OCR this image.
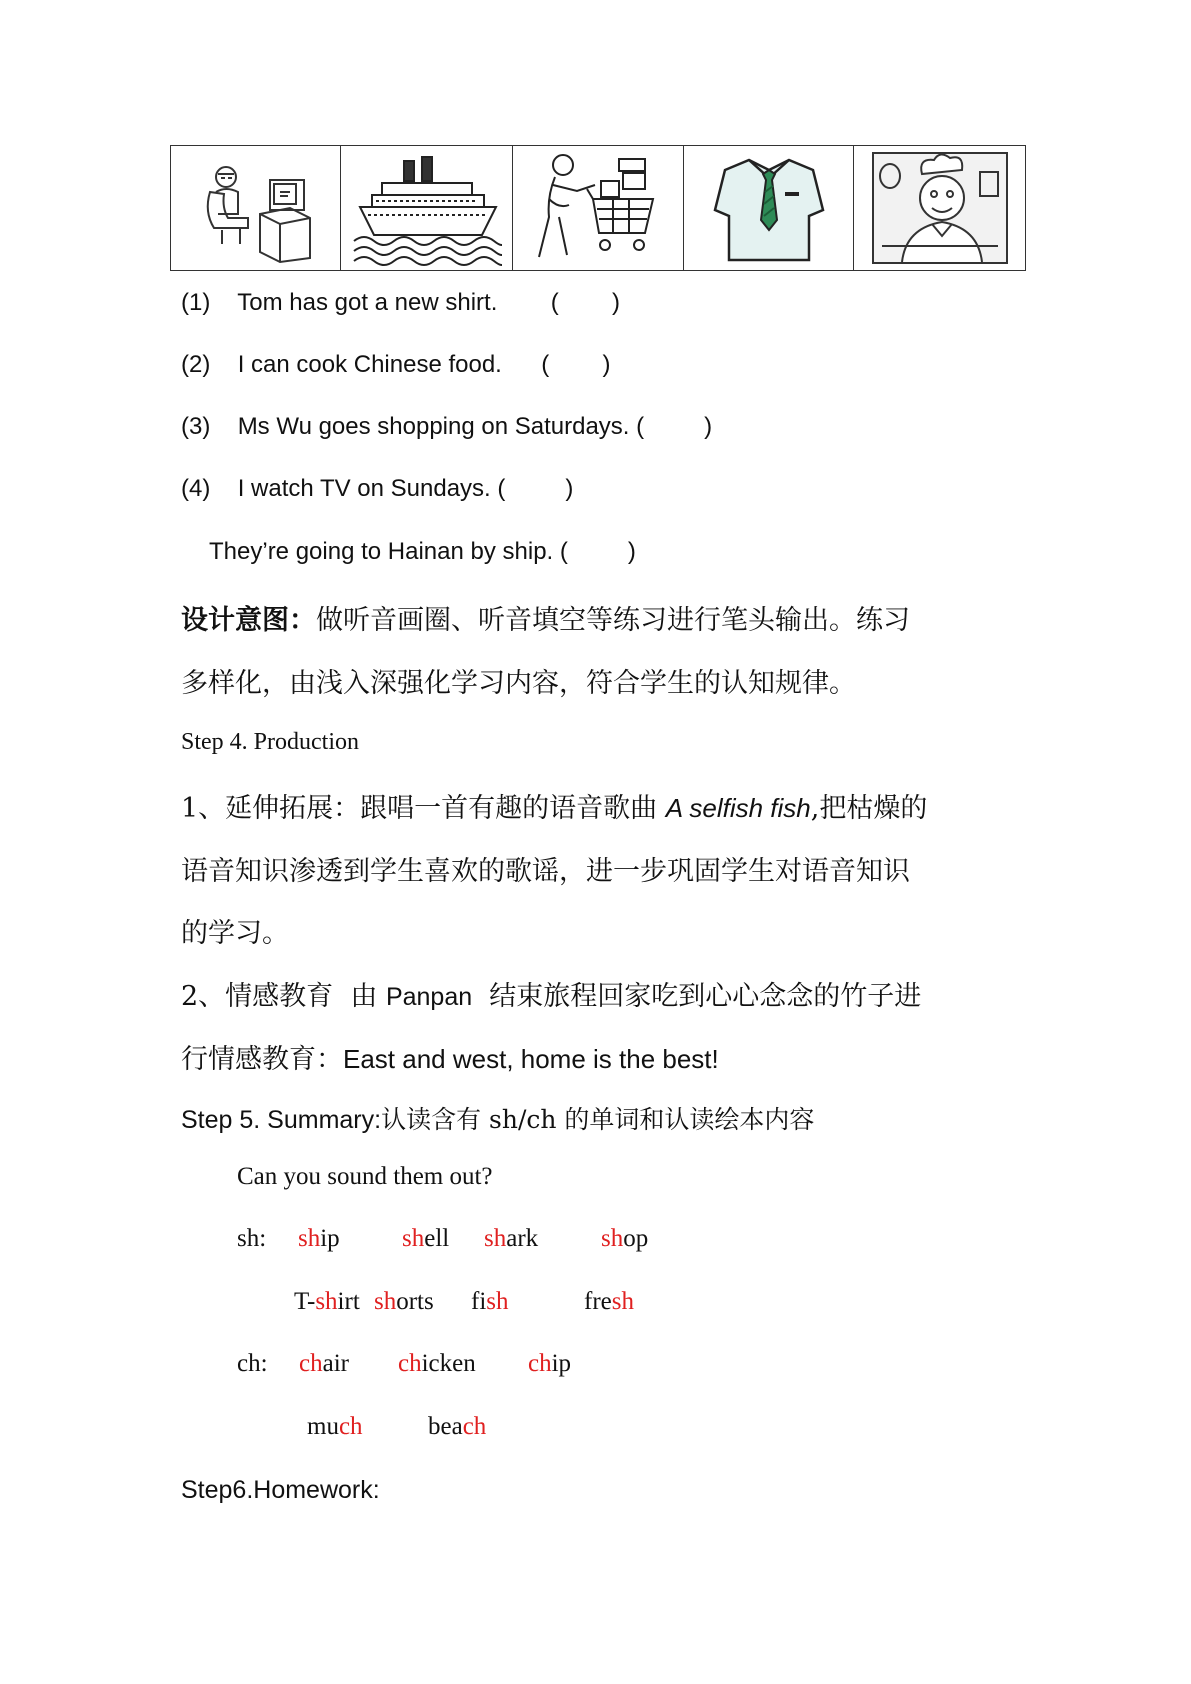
(1) Tom has got a new shirt. (        )
(2) I can cook Chinese food. (        )
(3) Ms Wu goes shopping on Saturdays. (         )
(4) I watch TV on Sundays. (         )
They’re going to Hainan by ship. (         )
设计意图：做听音画圈、听音填空等练习进行笔头输出。练习
多样化，由浅入深强化学习内容，符合学生的认知规律。
Step 4. Production
1、延伸拓展：跟唱一首有趣的语音歌曲 A selfish fish,把枯燥的
语音知识渗透到学生喜欢的歌谣，进一步巩固学生对语音知识
的学习。
2、情感教育  由 Panpan  结束旅程回家吃到心心念念的竹子进
行情感教育：East and west, home is the best!
Step 5. Summary:认读含有 sh/ch 的单词和认读绘本内容
Can you sound them out?
sh: ship shell shark	shop
T-shirt shorts fish	fresh
ch: chair chicken chip
much	beach
Step6.Homework:
